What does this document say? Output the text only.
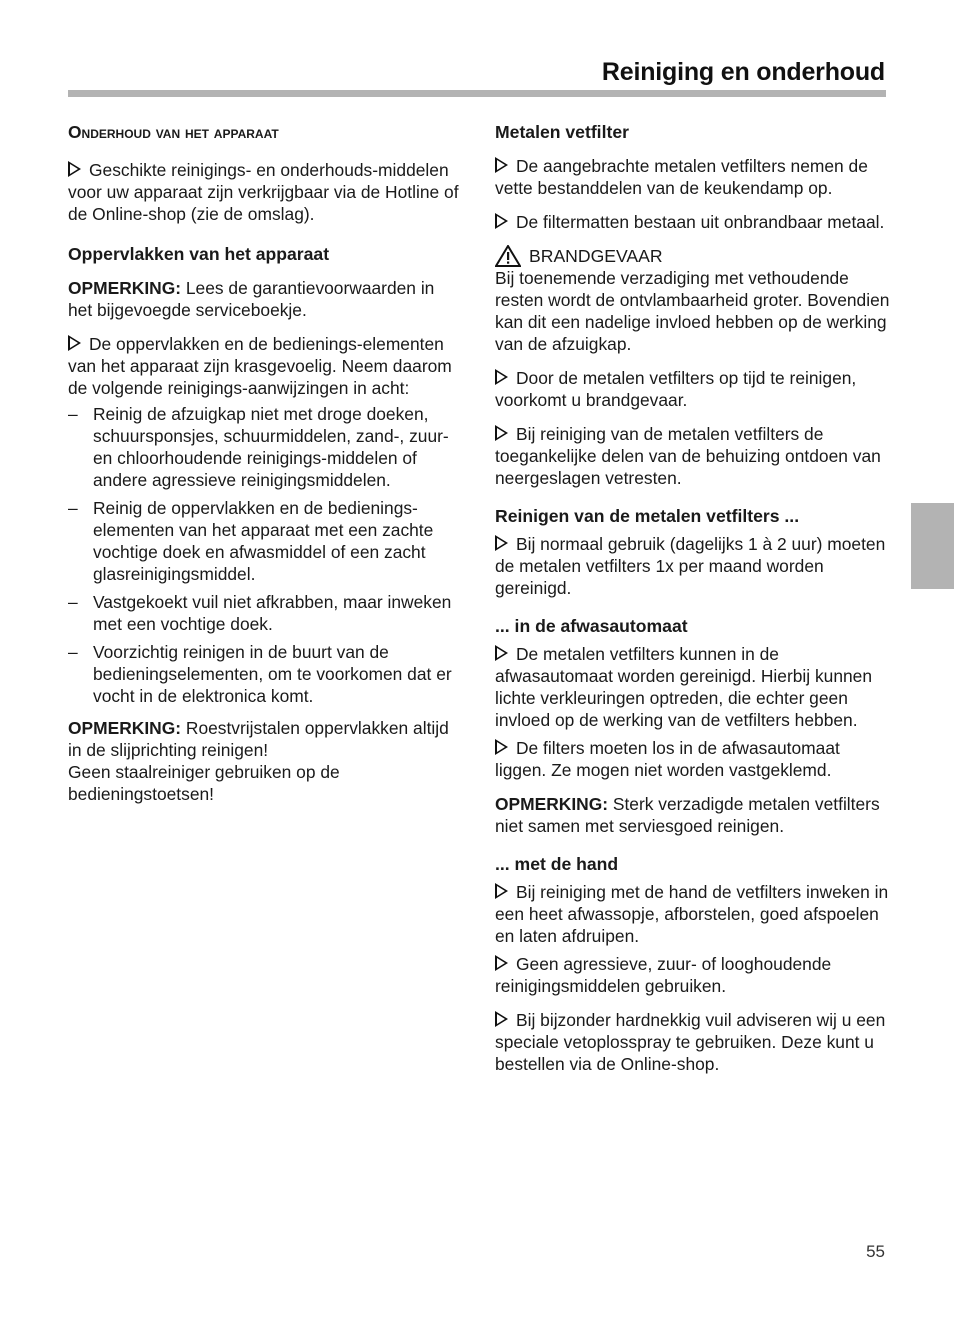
Reiniging en onderhoud
Onderhoud van het apparaat

Geschikte reinigings- en onderhouds-middelen voor uw apparaat zijn verkrijgbaar via de Hotline of de Online-shop (zie de omslag).

Oppervlakken van het apparaat

OPMERKING: Lees de garantievoorwaarden in het bijgevoegde serviceboekje.

De oppervlakken en de bedienings-elementen van het apparaat zijn krasgevoelig. Neem daarom de volgende reinigings-aanwijzingen in acht:

– Reinig de afzuigkap niet met droge doeken, schuursponsjes, schuurmiddelen, zand-, zuur- en chloorhoudende reinigings-middelen of andere agressieve reinigingsmiddelen.
– Reinig de oppervlakken en de bedienings-elementen van het apparaat met een zachte vochtige doek en afwasmiddel of een zacht glasreinigingsmiddel.
– Vastgekoekt vuil niet afkrabben, maar inweken met een vochtige doek.
– Voorzichtig reinigen in de buurt van de bedieningselementen, om te voorkomen dat er vocht in de elektronica komt.

OPMERKING: Roestvrijstalen oppervlakken altijd in de slijprichting reinigen!

Geen staalreiniger gebruiken op de bedieningstoetsen!

Metalen vetfilter

De aangebrachte metalen vetfilters nemen de vette bestanddelen van de keukendamp op.

De filtermatten bestaan uit onbrandbaar metaal.

BRANDGEVAAR

Bij toenemende verzadiging met vethoudende resten wordt de ontvlambaarheid groter. Bovendien kan dit een nadelige invloed hebben op de werking van de afzuigkap.

Door de metalen vetfilters op tijd te reinigen, voorkomt u brandgevaar.

Bij reiniging van de metalen vetfilters de toegankelijke delen van de behuizing ontdoen van neergeslagen vetresten.

Reinigen van de metalen vetfilters ...

Bij normaal gebruik (dagelijks 1 à 2 uur) moeten de metalen vetfilters 1x per maand worden gereinigd.

... in de afwasautomaat

De metalen vetfilters kunnen in de afwasautomaat worden gereinigd. Hierbij kunnen lichte verkleuringen optreden, die echter geen invloed op de werking van de vetfilters hebben.

De filters moeten los in de afwasautomaat liggen. Ze mogen niet worden vastgeklemd.

OPMERKING: Sterk verzadigde metalen vetfilters niet samen met serviesgoed reinigen.

... met de hand

Bij reiniging met de hand de vetfilters inweken in een heet afwassopje, afborstelen, goed afspoelen en laten afdruipen.

Geen agressieve, zuur- of looghoudende reinigingsmiddelen gebruiken.

Bij bijzonder hardnekkig vuil adviseren wij u een speciale vetoplosspray te gebruiken. Deze kunt u bestellen via de Online-shop.

55
